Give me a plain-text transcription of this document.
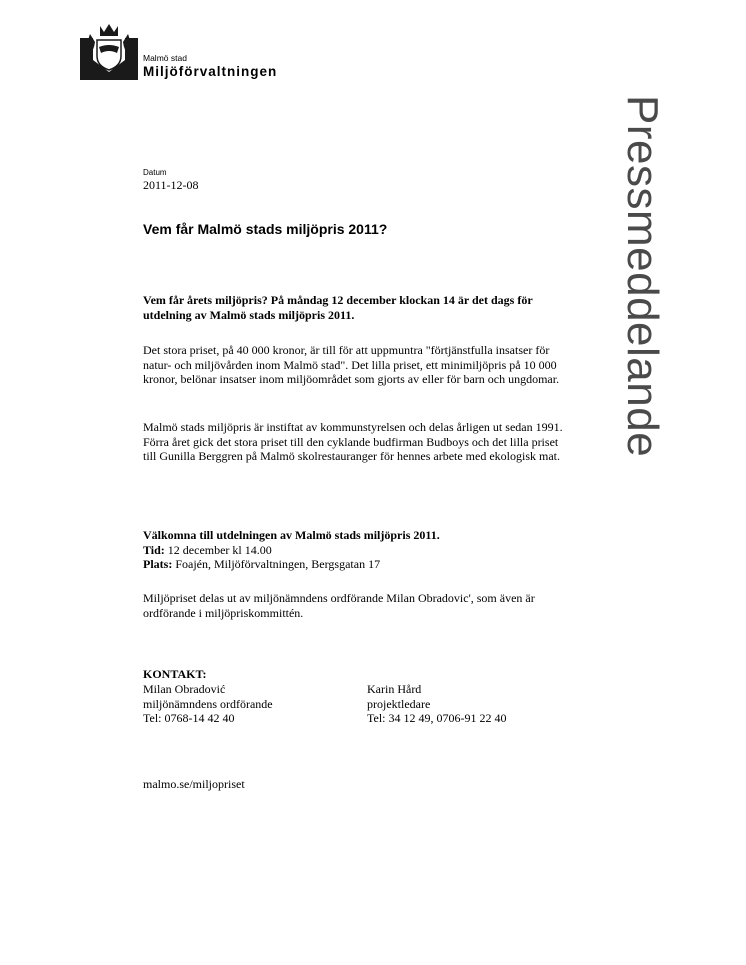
Malmö stad
Miljöförvaltningen
Pressmeddelande
Datum
2011-12-08
Vem får Malmö stads miljöpris 2011?

Vem får årets miljöpris? På måndag 12 december klockan 14 är det dags för utdelning av Malmö stads miljöpris 2011.

Det stora priset, på 40 000 kronor, är till för att uppmuntra "förtjänstfulla insatser för natur- och miljövården inom Malmö stad". Det lilla priset, ett minimiljöpris på 10 000 kronor, belönar insatser inom miljöområdet som gjorts av eller för barn och ungdomar.

Malmö stads miljöpris är instiftat av kommunstyrelsen och delas årligen ut sedan 1991. Förra året gick det stora priset till den cyklande budfirman Budboys och det lilla priset till Gunilla Berggren på Malmö skolrestauranger för hennes arbete med ekologisk mat.

Välkomna till utdelningen av Malmö stads miljöpris 2011.

Tid: 12 december kl 14.00
Plats: Foajén, Miljöförvaltningen, Bergsgatan 17

Miljöpriset delas ut av miljönämndens ordförande Milan Obradovic', som även är ordförande i miljöpriskommittén.

KONTAKT:
Milan Obradović
miljönämndens ordförande
Tel: 0768-14 42 40
Karin Hård
projektledare
Tel: 34 12 49, 0706-91 22 40
malmo.se/miljopriset
